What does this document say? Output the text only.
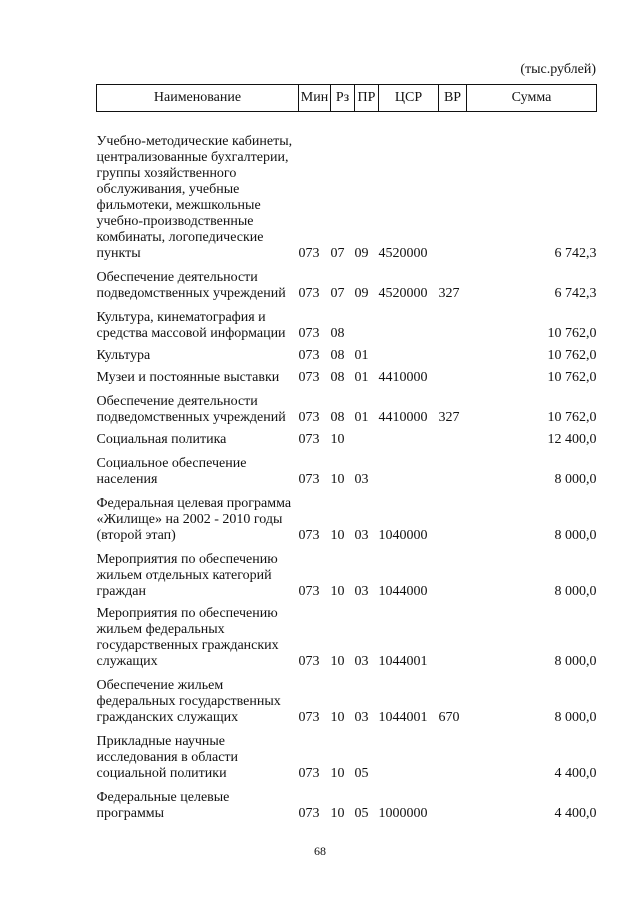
(тыс.рублей)
Наименование	Мин	Рз	ПР	ЦСР	ВР	Сумма
Учебно-методические кабинеты, централизованные бухгалтерии, группы хозяйственного обслуживания, учебные фильмотеки, межшкольные учебно-производственные комбинаты, логопедические пункты	073	07	09	4520000		6 742,3
Обеспечение деятельности подведомственных учреждений	073	07	09	4520000	327	6 742,3
Культура, кинематография и средства массовой информации	073	08				10 762,0
Культура	073	08	01			10 762,0
Музеи и постоянные выставки	073	08	01	4410000		10 762,0
Обеспечение деятельности подведомственных учреждений	073	08	01	4410000	327	10 762,0
Социальная политика	073	10				12 400,0
Социальное обеспечение населения	073	10	03			8 000,0
Федеральная целевая программа «Жилище» на 2002 - 2010 годы (второй этап)	073	10	03	1040000		8 000,0
Мероприятия по обеспечению жильем отдельных категорий граждан	073	10	03	1044000		8 000,0
Мероприятия по обеспечению жильем федеральных государственных гражданских служащих	073	10	03	1044001		8 000,0
Обеспечение жильем федеральных государственных гражданских служащих	073	10	03	1044001	670	8 000,0
Прикладные научные исследования в области социальной политики	073	10	05			4 400,0
Федеральные целевые программы	073	10	05	1000000		4 400,0
68
